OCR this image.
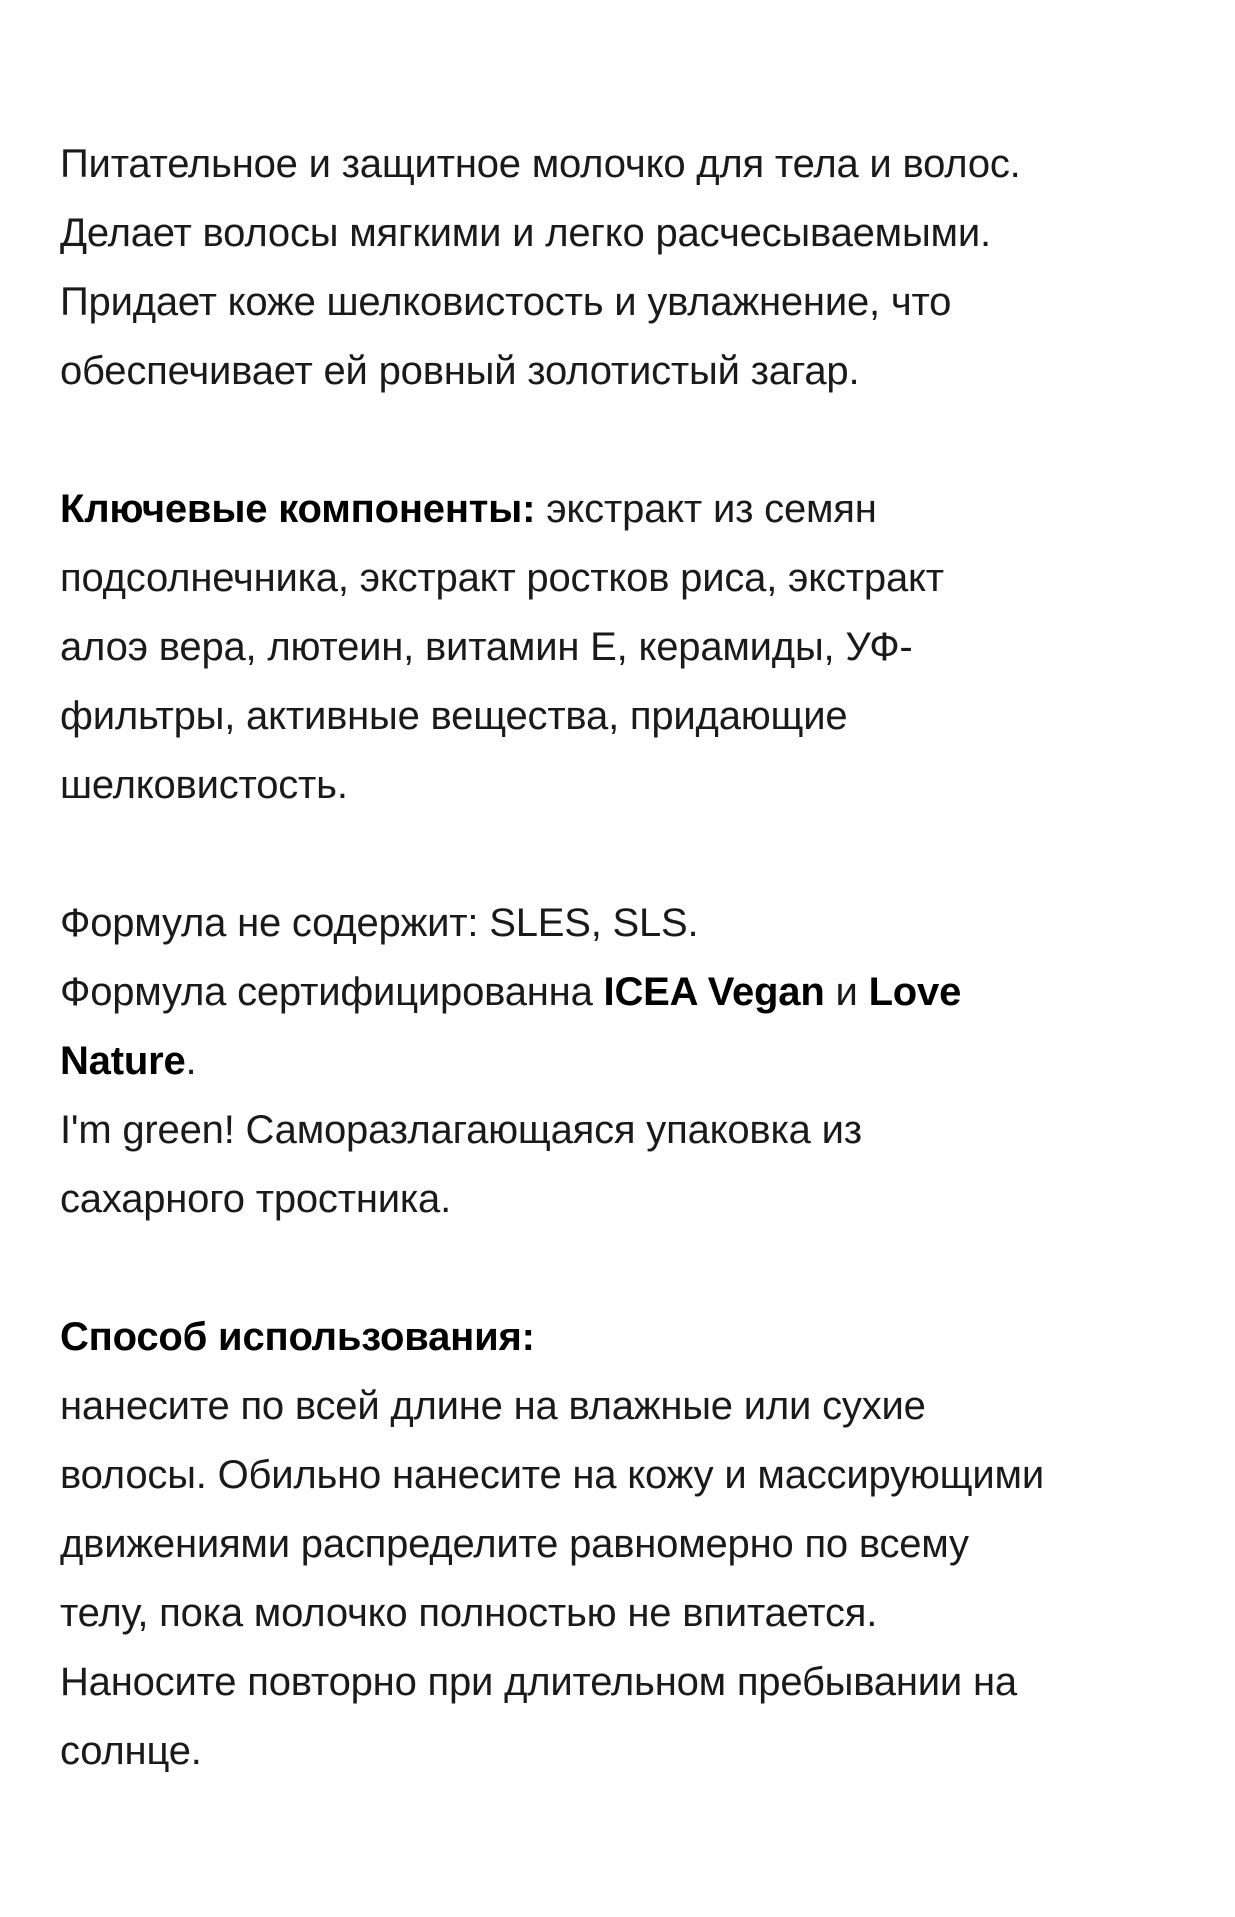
Питательное и защитное молочко для тела и волос.

Делает волосы мягкими и легко расчесываемыми.

Придает коже шелковистость и увлажнение, что

обеспечивает ей ровный золотистый загар.

Ключевые компоненты: экстракт из семян

подсолнечника, экстракт ростков риса, экстракт

алоэ вера, лютеин, витамин Е, керамиды, УФ-

фильтры, активные вещества, придающие

шелковистость.

Формула не содержит: SLES, SLS.

Формула сертифицированна ICEA Vegan и Love

Nature.

I'm green! Саморазлагающаяся упаковка из

сахарного тростника.

Способ использования:

нанесите по всей длине на влажные или сухие

волосы. Обильно нанесите на кожу и массирующими

движениями распределите равномерно по всему

телу, пока молочко полностью не впитается.

Наносите повторно при длительном пребывании на

солнце.
